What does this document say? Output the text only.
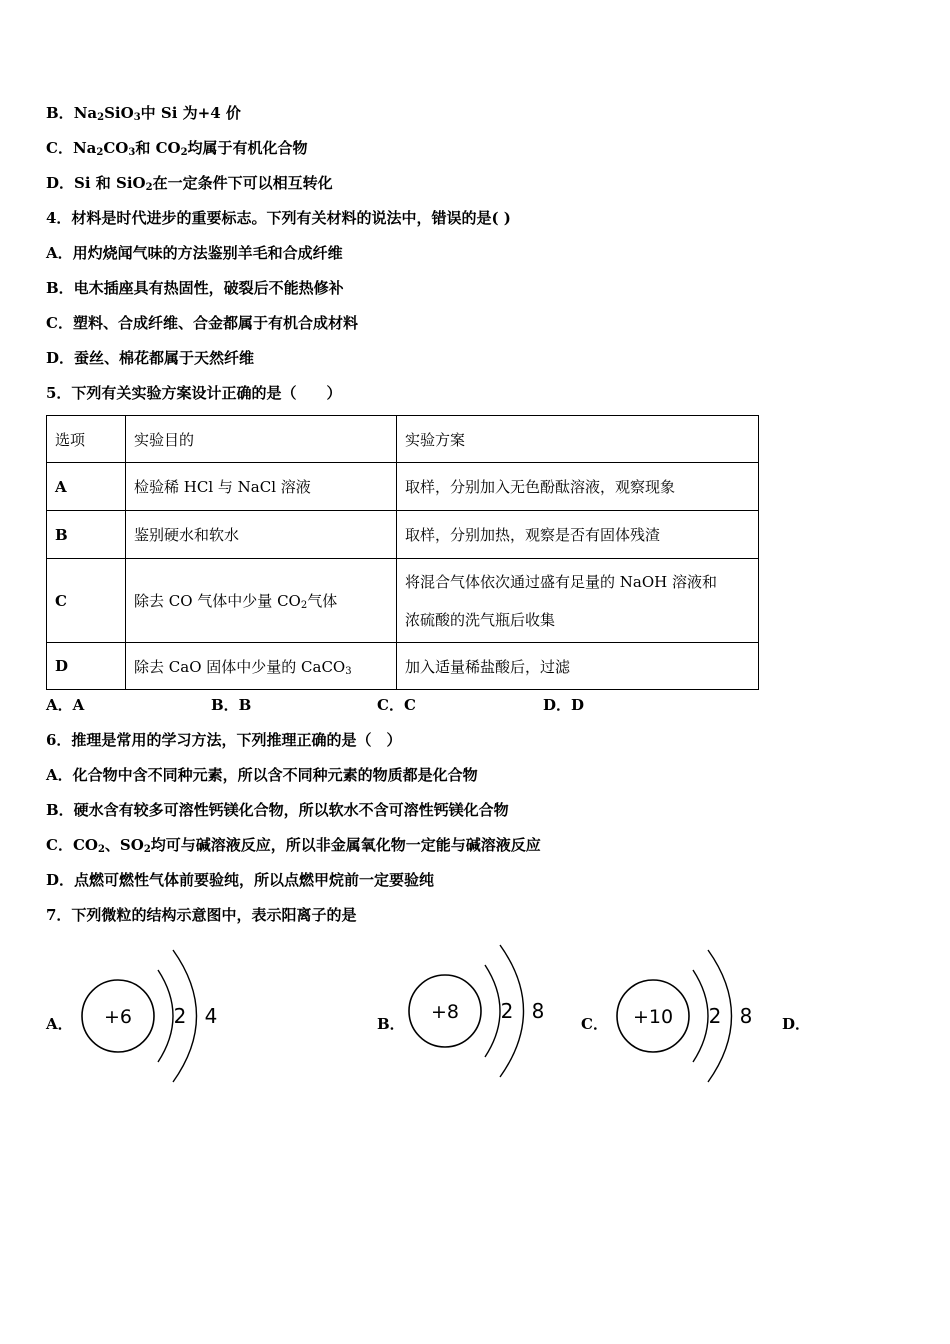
B．$Na_2SiO_3$中 Si 为+4 价
C．$Na_2CO_3$和 $CO_2$均属于有机化合物
D．Si 和 SiO$_2$在一定条件下可以相互转化
4．材料是时代进步的重要标志。下列有关材料的说法中，错误的是( )
A．用灼烧闻气味的方法鉴别羊毛和合成纤维
B．电木插座具有热固性，破裂后不能热修补
C．塑料、合成纤维、合金都属于有机合成材料
D．蚕丝、棉花都属于天然纤维
5．下列有关实验方案设计正确的是（　　）
选项	实验目的	实验方案
A	检验稀 HCl 与 NaCl 溶液	取样，分别加入无色酚酞溶液，观察现象
B	鉴别硬水和软水	取样，分别加热，观察是否有固体残渣
C	除去 CO 气体中少量 $CO_2$气体	将混合气体依次通过盛有足量的 NaOH 溶液和
浓硫酸的洗气瓶后收集

D	除去 CaO 固体中少量的 CaCO$_3$	加入适量稀盐酸后，过滤
A．A	B．B	C．C	D．D
6．推理是常用的学习方法，下列推理正确的是（　）
A．化合物中含不同种元素，所以含不同种元素的物质都是化合物
B．硬水含有较多可溶性钙镁化合物，所以软水不含可溶性钙镁化合物
C．$CO_2$、$SO_2$均可与碱溶液反应，所以非金属氧化物一定能与碱溶液反应
D．点燃可燃性气体前要验纯，所以点燃甲烷前一定要验纯
7．下列微粒的结构示意图中，表示阳离子的是
A． +6 2 4	B．
+8 2 8
C． +10 2 8 D．
